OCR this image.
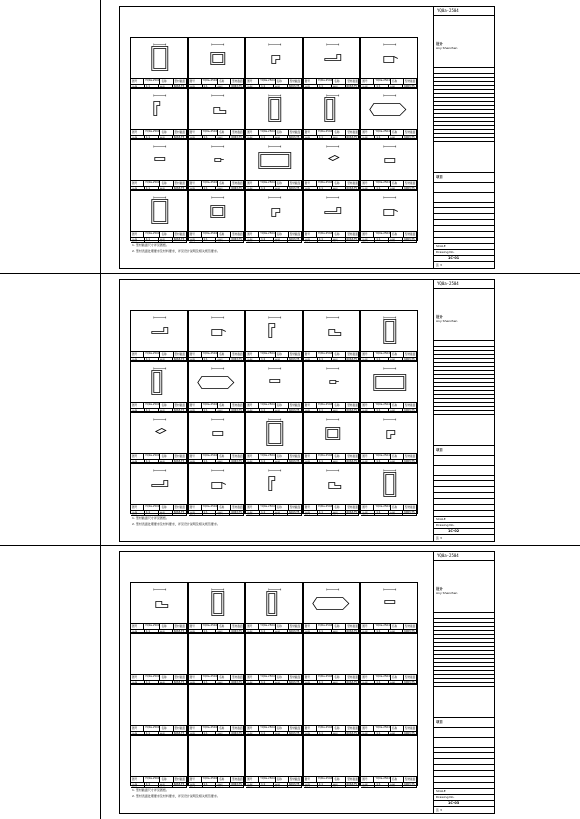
YQ0a-2504
设计
Any Shenzhen
项目
Drawing No.
1C-01
SCALE
张 3
图号	YQ0a-2504 名称	型材截面
比例	1:1	材料	6063-T5
图号	YQ0a-2504 名称	型材截面
比例	1:1	材料	6063-T5
图号	YQ0a-2504 名称	型材截面
比例	1:1	材料	6063-T5
图号	YQ0a-2504 名称	型材截面
比例	1:1	材料	6063-T5
图号	YQ0a-2504 名称	型材截面
比例	1:1	材料	6063-T5
图号	YQ0a-2504 名称	型材截面
比例	1:1	材料	6063-T5
图号	YQ0a-2504 名称	型材截面
比例	1:1	材料	6063-T5
图号	YQ0a-2504 名称	型材截面
比例	1:1	材料	6063-T5
图号	YQ0a-2504 名称	型材截面
比例	1:1	材料	6063-T5
图号	YQ0a-2504 名称	型材截面
比例	1:1	材料	6063-T5
图号	YQ0a-2504 名称	型材截面
比例	1:1	材料	6063-T5
图号	YQ0a-2504 名称	型材截面
比例	1:1	材料	6063-T5
图号	YQ0a-2504 名称	型材截面
比例	1:1	材料	6063-T5
图号	YQ0a-2504 名称	型材截面
比例	1:1	材料	6063-T5
图号	YQ0a-2504 名称	型材截面
比例	1:1	材料	6063-T5
图号	YQ0a-2504 名称	型材截面
比例	1:1	材料	6063-T5
图号	YQ0a-2504 名称	型材截面
比例	1:1	材料	6063-T5
图号	YQ0a-2504 名称	型材截面
比例	1:1	材料	6063-T5
图号	YQ0a-2504 名称	型材截面
比例	1:1	材料	6063-T5
图号	YQ0a-2504 名称	型材截面
比例	1:1	材料	6063-T5
1. 型材截面尺寸详见图纸。
2. 型材表面处理要求及材料要求，详见设计说明及相关规范要求。
YQ0a-2504
设计
Any Shenzhen
项目
Drawing No.
1C-02
SCALE
张 3
图号	YQ0a-2504 名称	型材截面
比例	1:1	材料	6063-T5
图号	YQ0a-2504 名称	型材截面
比例	1:1	材料	6063-T5
图号	YQ0a-2504 名称	型材截面
比例	1:1	材料	6063-T5
图号	YQ0a-2504 名称	型材截面
比例	1:1	材料	6063-T5
图号	YQ0a-2504 名称	型材截面
比例	1:1	材料	6063-T5
图号	YQ0a-2504 名称	型材截面
比例	1:1	材料	6063-T5
图号	YQ0a-2504 名称	型材截面
比例	1:1	材料	6063-T5
图号	YQ0a-2504 名称	型材截面
比例	1:1	材料	6063-T5
图号	YQ0a-2504 名称	型材截面
比例	1:1	材料	6063-T5
图号	YQ0a-2504 名称	型材截面
比例	1:1	材料	6063-T5
图号	YQ0a-2504 名称	型材截面
比例	1:1	材料	6063-T5
图号	YQ0a-2504 名称	型材截面
比例	1:1	材料	6063-T5
图号	YQ0a-2504 名称	型材截面
比例	1:1	材料	6063-T5
图号	YQ0a-2504 名称	型材截面
比例	1:1	材料	6063-T5
图号	YQ0a-2504 名称	型材截面
比例	1:1	材料	6063-T5
图号	YQ0a-2504 名称	型材截面
比例	1:1	材料	6063-T5
图号	YQ0a-2504 名称	型材截面
比例	1:1	材料	6063-T5
图号	YQ0a-2504 名称	型材截面
比例	1:1	材料	6063-T5
图号	YQ0a-2504 名称	型材截面
比例	1:1	材料	6063-T5
图号	YQ0a-2504 名称	型材截面
比例	1:1	材料	6063-T5
1. 型材截面尺寸详见图纸。
2. 型材表面处理要求及材料要求，详见设计说明及相关规范要求。
YQ0a-2504
设计
Any Shenzhen
项目
Drawing No.
1C-03
SCALE
张 3
图号	YQ0a-2504 名称	型材截面
比例	1:1	材料	6063-T5
图号	YQ0a-2504 名称	型材截面
比例	1:1	材料	6063-T5
图号	YQ0a-2504 名称	型材截面
比例	1:1	材料	6063-T5
图号	YQ0a-2504 名称	型材截面
比例	1:1	材料	6063-T5
图号	YQ0a-2504 名称	型材截面
比例	1:1	材料	6063-T5
图号	YQ0a-2504 名称	型材截面
比例	1:1	材料	6063-T5
图号	YQ0a-2504 名称	型材截面
比例	1:1	材料	6063-T5
图号	YQ0a-2504 名称	型材截面
比例	1:1	材料	6063-T5
图号	YQ0a-2504 名称	型材截面
比例	1:1	材料	6063-T5
图号	YQ0a-2504 名称	型材截面
比例	1:1	材料	6063-T5
图号	YQ0a-2504 名称	型材截面
比例	1:1	材料	6063-T5
图号	YQ0a-2504 名称	型材截面
比例	1:1	材料	6063-T5
图号	YQ0a-2504 名称	型材截面
比例	1:1	材料	6063-T5
图号	YQ0a-2504 名称	型材截面
比例	1:1	材料	6063-T5
图号	YQ0a-2504 名称	型材截面
比例	1:1	材料	6063-T5
图号	YQ0a-2504 名称	型材截面
比例	1:1	材料	6063-T5
图号	YQ0a-2504 名称	型材截面
比例	1:1	材料	6063-T5
图号	YQ0a-2504 名称	型材截面
比例	1:1	材料	6063-T5
图号	YQ0a-2504 名称	型材截面
比例	1:1	材料	6063-T5
图号	YQ0a-2504 名称	型材截面
比例	1:1	材料	6063-T5
1. 型材截面尺寸详见图纸。
2. 型材表面处理要求及材料要求，详见设计说明及相关规范要求。
